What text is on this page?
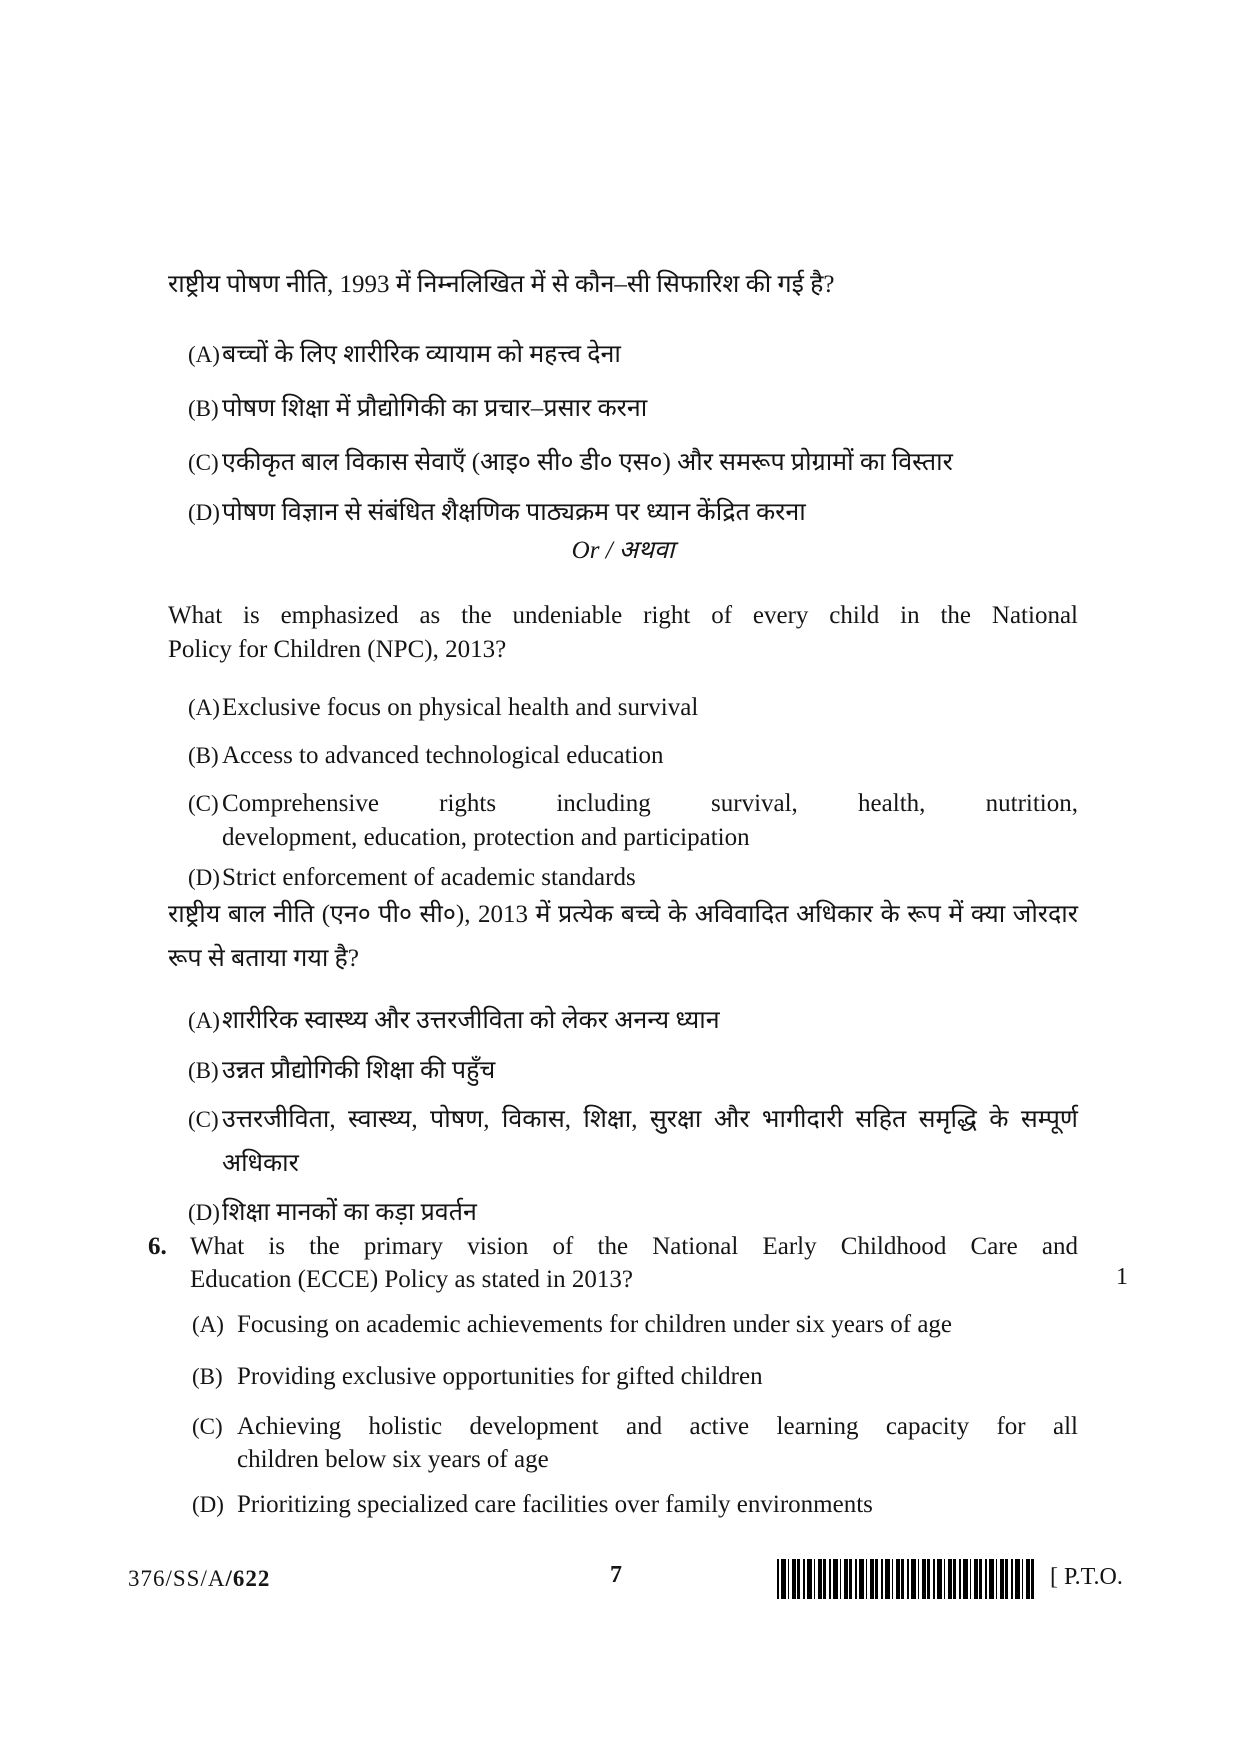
राष्ट्रीय पोषण नीति, 1993 में निम्नलिखित में से कौन–सी सिफारिश की गई है?
(A) बच्चों के लिए शारीरिक व्यायाम को महत्त्व देना
(B) पोषण शिक्षा में प्रौद्योगिकी का प्रचार–प्रसार करना
(C) एकीकृत बाल विकास सेवाएँ (आइ० सी० डी० एस०) और समरूप प्रोग्रामों का विस्तार
(D) पोषण विज्ञान से संबंधित शैक्षणिक पाठ्यक्रम पर ध्यान केंद्रित करना
Or / अथवा
What is emphasized as the undeniable right of every child in the National
Policy for Children (NPC), 2013?
(A) Exclusive focus on physical health and survival
(B) Access to advanced technological education
(C) Comprehensive rights including survival, health, nutrition,
development, education, protection and participation
(D) Strict enforcement of academic standards
राष्ट्रीय बाल नीति (एन० पी० सी०), 2013 में प्रत्येक बच्चे के अविवादित अधिकार के रूप में क्या जोरदार
रूप से बताया गया है?
(A) शारीरिक स्वास्थ्य और उत्तरजीविता को लेकर अनन्य ध्यान
(B) उन्नत प्रौद्योगिकी शिक्षा की पहुँच
(C) उत्तरजीविता, स्वास्थ्य, पोषण, विकास, शिक्षा, सुरक्षा और भागीदारी सहित समृद्धि के सम्पूर्ण
अधिकार
(D) शिक्षा मानकों का कड़ा प्रवर्तन
6. What is the primary vision of the National Early Childhood Care and
Education (ECCE) Policy as stated in 2013?
(A) Focusing on academic achievements for children under six years of age
(B) Providing exclusive opportunities for gifted children
(C) Achieving holistic development and active learning capacity for all
children below six years of age
(D) Prioritizing specialized care facilities over family environments
1
376/SS/A/622	7	[ P.T.O.
